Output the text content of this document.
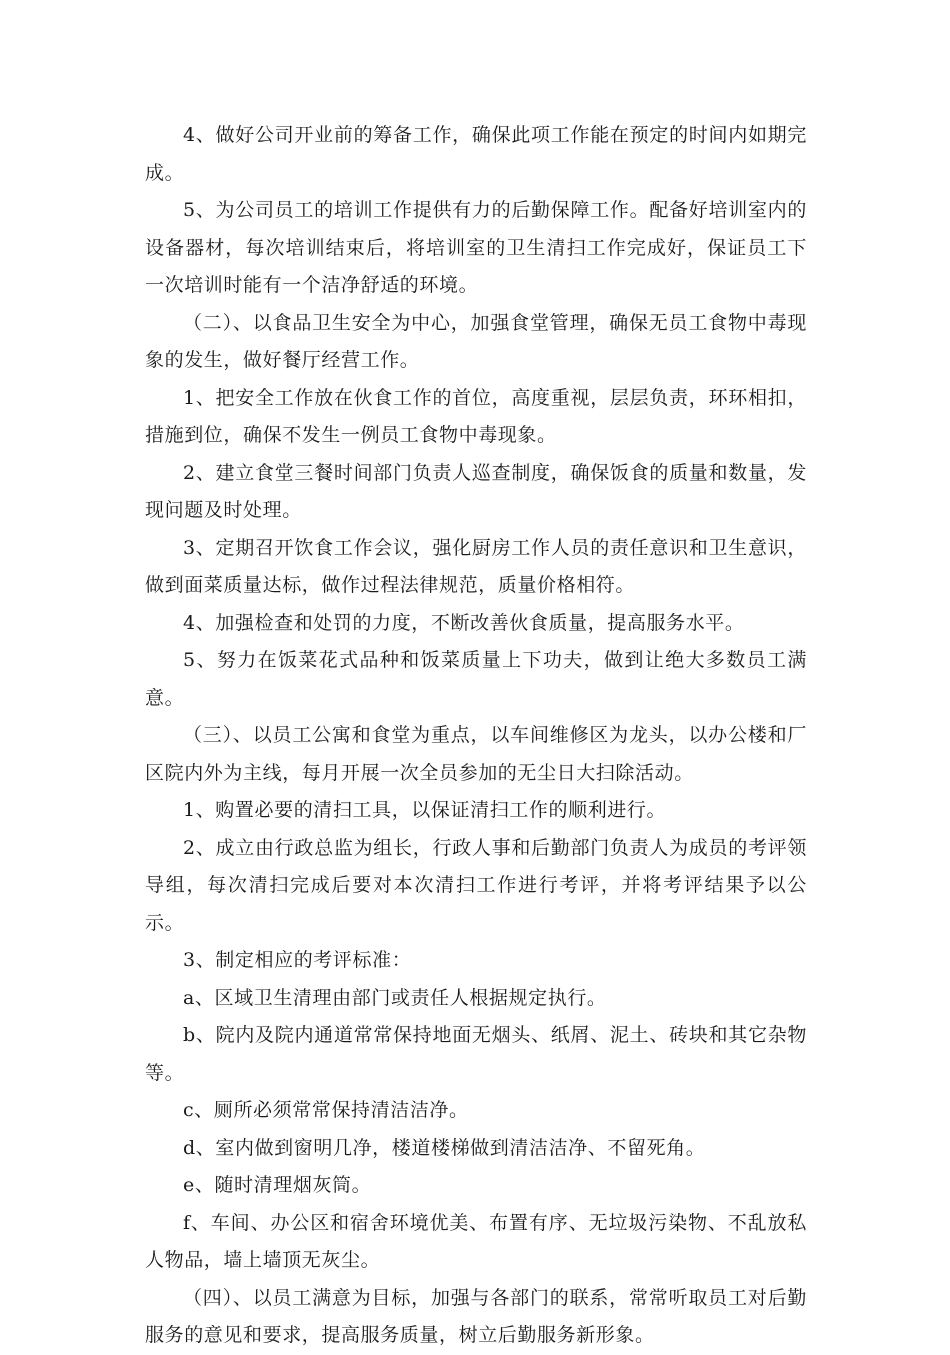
4、做好公司开业前的筹备工作，确保此项工作能在预定的时间内如期完成。

5、为公司员工的培训工作提供有力的后勤保障工作。配备好培训室内的设备器材，每次培训结束后，将培训室的卫生清扫工作完成好，保证员工下一次培训时能有一个洁净舒适的环境。

（二）、以食品卫生安全为中心，加强食堂管理，确保无员工食物中毒现象的发生，做好餐厅经营工作。

1、把安全工作放在伙食工作的首位，高度重视，层层负责，环环相扣，措施到位，确保不发生一例员工食物中毒现象。

2、建立食堂三餐时间部门负责人巡查制度，确保饭食的质量和数量，发现问题及时处理。

3、定期召开饮食工作会议，强化厨房工作人员的责任意识和卫生意识，做到面菜质量达标，做作过程法律规范，质量价格相符。

4、加强检查和处罚的力度，不断改善伙食质量，提高服务水平。

5、努力在饭菜花式品种和饭菜质量上下功夫，做到让绝大多数员工满意。

（三）、以员工公寓和食堂为重点，以车间维修区为龙头，以办公楼和厂区院内外为主线，每月开展一次全员参加的无尘日大扫除活动。

1、购置必要的清扫工具，以保证清扫工作的顺利进行。

2、成立由行政总监为组长，行政人事和后勤部门负责人为成员的考评领导组，每次清扫完成后要对本次清扫工作进行考评，并将考评结果予以公示。

3、制定相应的考评标准：

a、区域卫生清理由部门或责任人根据规定执行。

b、院内及院内通道常常保持地面无烟头、纸屑、泥土、砖块和其它杂物等。

c、厕所必须常常保持清洁洁净。

d、室内做到窗明几净，楼道楼梯做到清洁洁净、不留死角。

e、随时清理烟灰筒。

f、车间、办公区和宿舍环境优美、布置有序、无垃圾污染物、不乱放私人物品，墙上墙顶无灰尘。

（四）、以员工满意为目标，加强与各部门的联系，常常听取员工对后勤服务的意见和要求，提高服务质量，树立后勤服务新形象。
